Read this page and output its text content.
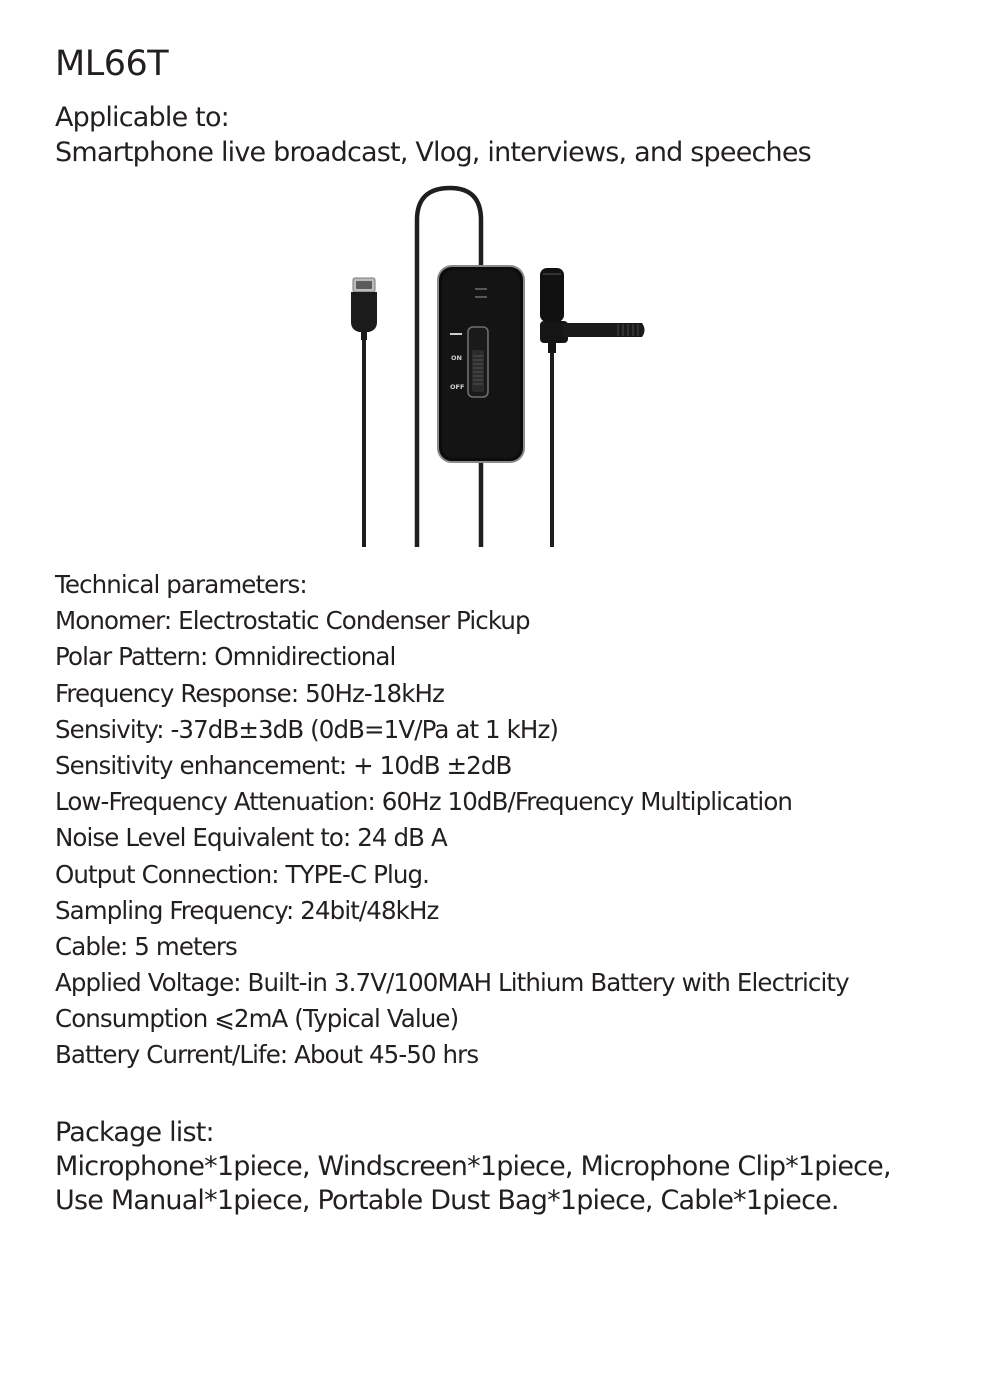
ML66T
Applicable to:
Smartphone live broadcast, Vlog, interviews, and speeches
ON
OFF
Technical parameters:
Monomer: Electrostatic Condenser Pickup
Polar Pattern: Omnidirectional
Frequency Response: 50Hz-18kHz
Sensivity: -37dB±3dB (0dB=1V/Pa at 1 kHz)
Sensitivity enhancement: + 10dB ±2dB
Low-Frequency Attenuation: 60Hz 10dB/Frequency Multiplication
Noise Level Equivalent to: 24 dB A
Output Connection: TYPE-C Plug.
Sampling Frequency: 24bit/48kHz
Cable: 5 meters
Applied Voltage: Built-in 3.7V/100MAH Lithium Battery with Electricity
Consumption ⩽2mA (Typical Value)
Battery Current/Life: About 45-50 hrs
Package list:
Microphone*1piece, Windscreen*1piece, Microphone Clip*1piece,
Use Manual*1piece, Portable Dust Bag*1piece, Cable*1piece.
